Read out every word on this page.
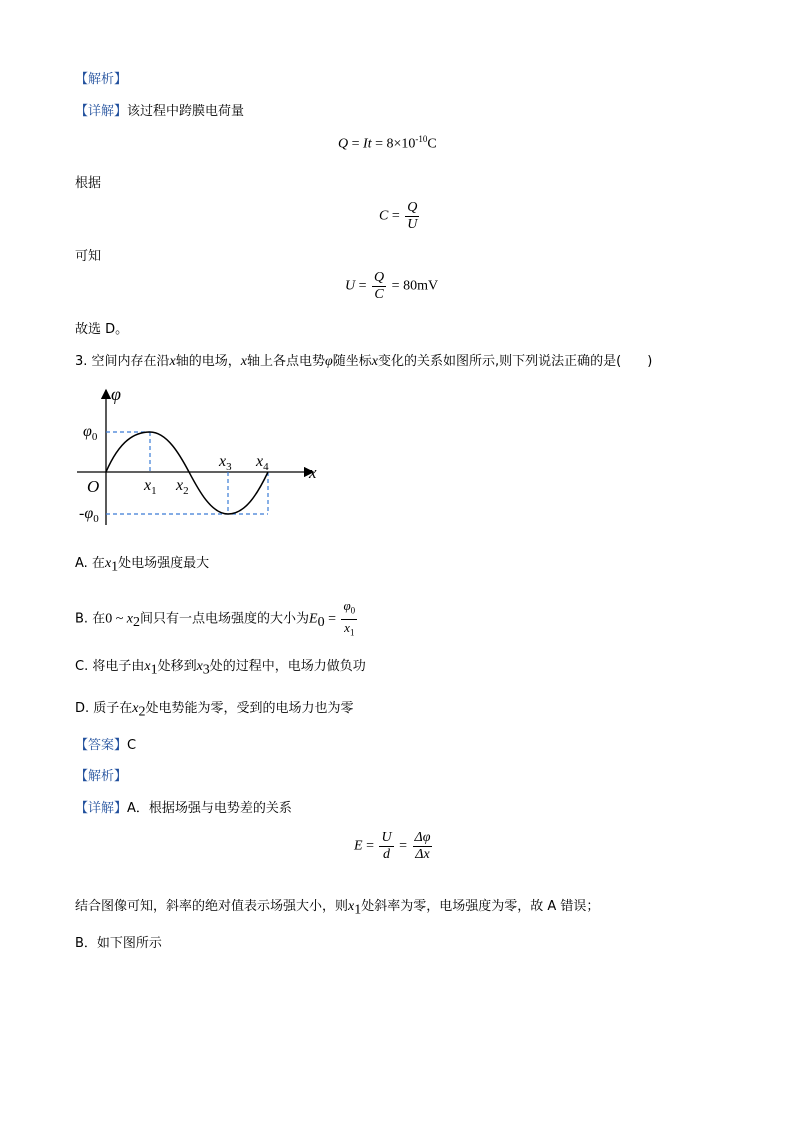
【解析】
【详解】该过程中跨膜电荷量
$Q = It = 8\times 10^{-10}C$
根据
$C = \frac{Q}{U}$
可知
$U = \frac{Q}{C} = 80mV$
故选 D。
3. 空间内存在沿x轴的电场，x轴上各点电势φ随坐标x变化的关系如图所示,则下列说法正确的是(　　)
φ
x
O
$\varphi_0$
$-\varphi_0$
$x_1$ $x_2$
$x_3$ $x_4$
A. 在$x_1$处电场强度最大
B. 在0 ~ $x_2$间只有一点电场强度的大小为$E_0 = \frac{\varphi_0}{x_1}$
C. 将电子由$x_1$处移到$x_3$处的过程中，电场力做负功
D. 质子在$x_2$处电势能为零，受到的电场力也为零
【答案】C
【解析】
【详解】A．根据场强与电势差的关系
$E = \frac{U}{d} = \frac{\Delta\varphi}{\Delta x}$
结合图像可知，斜率的绝对值表示场强大小，则$x_1$处斜率为零，电场强度为零，故 A 错误；
B．如下图所示
